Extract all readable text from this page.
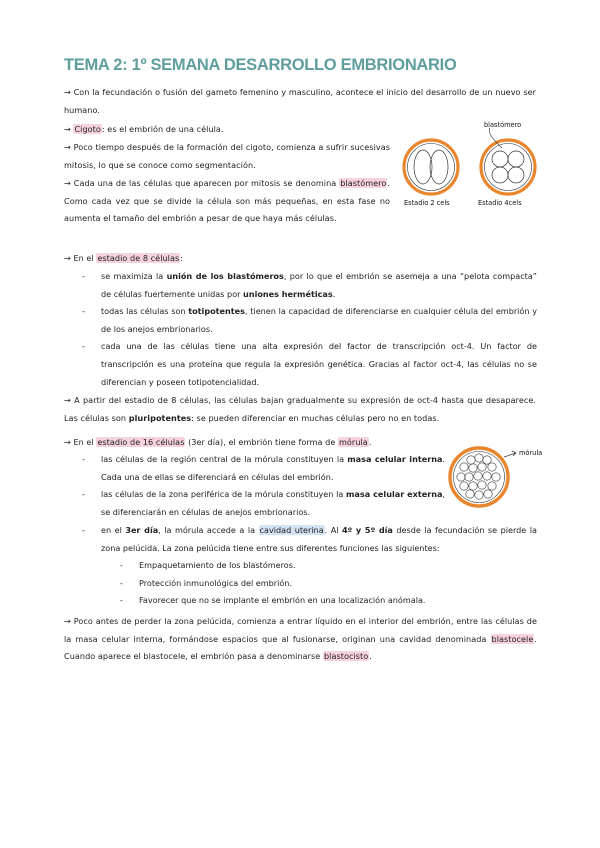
TEMA 2: 1º SEMANA DESARROLLO EMBRIONARIO

→ Con la fecundación o fusión del gameto femenino y masculino, acontece el inicio del desarrollo de un nuevo ser humano.

→ Cigoto: es el embrión de una célula.

→ Poco tiempo después de la formación del cigoto, comienza a sufrir sucesivas mitosis, lo que se conoce como segmentación.

→ Cada una de las células que aparecen por mitosis se denomina blastómero. Como cada vez que se divide la célula son más pequeñas, en esta fase no aumenta el tamaño del embrión a pesar de que haya más células.

blastómero
Estadio 2 cels	Estadio 4cels

→ En el estadio de 8 células:

- se maximiza la unión de los blastómeros, por lo que el embrión se asemeja a una “pelota compacta” de células fuertemente unidas por uniones herméticas.
- todas las células son totipotentes, tienen la capacidad de diferenciarse en cualquier célula del embrión y de los anejos embrionarios.
- cada una de las células tiene una alta expresión del factor de transcripción oct-4. Un factor de transcripción es una proteína que regula la expresión genética. Gracias al factor oct-4, las células no se diferencian y poseen totipotencialidad.

→ A partir del estadio de 8 células, las células bajan gradualmente su expresión de oct-4 hasta que desaparece. Las células son pluripotentes: se pueden diferenciar en muchas células pero no en todas.

→ En el estadio de 16 células (3er día), el embrión tiene forma de mórula.

- las células de la región central de la mórula constituyen la masa celular interna. Cada una de ellas se diferenciará en células del embrión.
- las células de la zona periférica de la mórula constituyen la masa celular externa, se diferenciarán en células de anejos embrionarios.
- en el 3er día, la mórula accede a la cavidad uterina. Al 4º y 5º día desde la fecundación se pierde la zona pelúcida. La zona pelúcida tiene entre sus diferentes funciones las siguientes:
- Empaquetamiento de los blastómeros.
- Protección inmunológica del embrión.
- Favorecer que no se implante el embrión en una localización anómala.
mórula

→ Poco antes de perder la zona pelúcida, comienza a entrar líquido en el interior del embrión, entre las células de la masa celular interna, formándose espacios que al fusionarse, originan una cavidad denominada blastocele. Cuando aparece el blastocele, el embrión pasa a denominarse blastocisto.
